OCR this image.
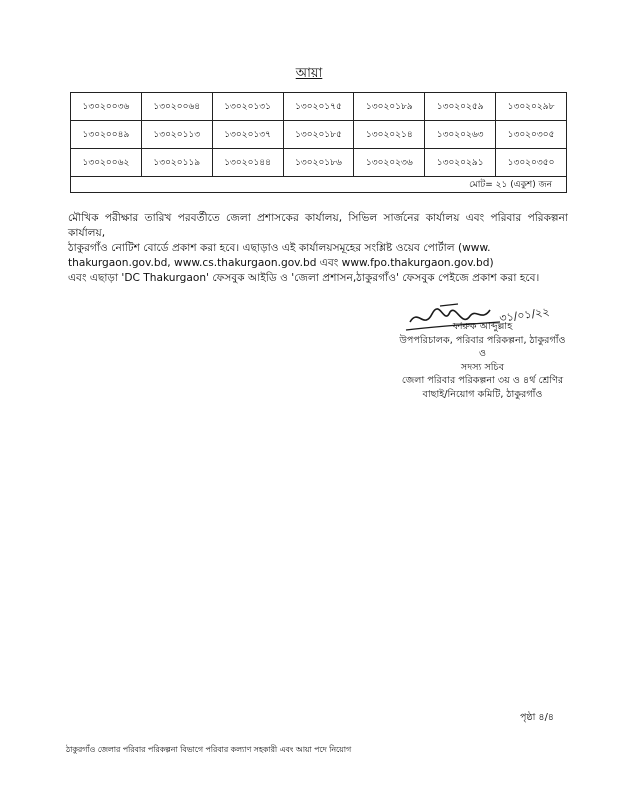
আয়া
১৩০২০০৩৬	১৩০২০০৬৪	১৩০২০১৩১	১৩০২০১৭৫	১৩০২০১৮৯	১৩০২০২৫৯	১৩০২০২৯৮
১৩০২০০৪৯	১৩০২০১১৩	১৩০২০১৩৭	১৩০২০১৮৫	১৩০২০২১৪	১৩০২০২৬৩	১৩০২০৩০৫
১৩০২০০৬২	১৩০২০১১৯	১৩০২০১৪৪	১৩০২০১৮৬	১৩০২০২৩৬	১৩০২০২৯১	১৩০২০৩৫০
মোট= ২১ (একুশ) জন						
মৌখিক পরীক্ষার তারিখ পরবর্তীতে জেলা প্রশাসকের কার্যালয়, সিভিল সার্জনের কার্যালয় এবং পরিবার পরিকল্পনা কার্যালয়,
ঠাকুরগাঁও নোটিশ বোর্ডে প্রকাশ করা হবে। এছাড়াও এই কার্যালয়সমূহের সংশ্লিষ্ট ওয়েব পোর্টাল (www.
thakurgaon.gov.bd, www.cs.thakurgaon.gov.bd এবং www.fpo.thakurgaon.gov.bd)
এবং এছাড়া 'DC Thakurgaon' ফেসবুক আইডি ও 'জেলা প্রশাসন,ঠাকুরগাঁও' ফেসবুক পেইজে প্রকাশ করা হবে।
৩১/০১/২২
ফারুক আব্দুল্লাহ
উপপরিচালক, পরিবার পরিকল্পনা, ঠাকুরগাঁও
ও
সদস্য সচিব
জেলা পরিবার পরিকল্পনা ৩য় ও ৪র্থ শ্রেণির
বাছাই/নিয়োগ কমিটি, ঠাকুরগাঁও
পৃষ্ঠা ৪/৪
ঠাকুরগাঁও জেলার পরিবার পরিকল্পনা বিভাগে পরিবার কল্যাণ সহকারী এবং আয়া পদে নিয়োগ
